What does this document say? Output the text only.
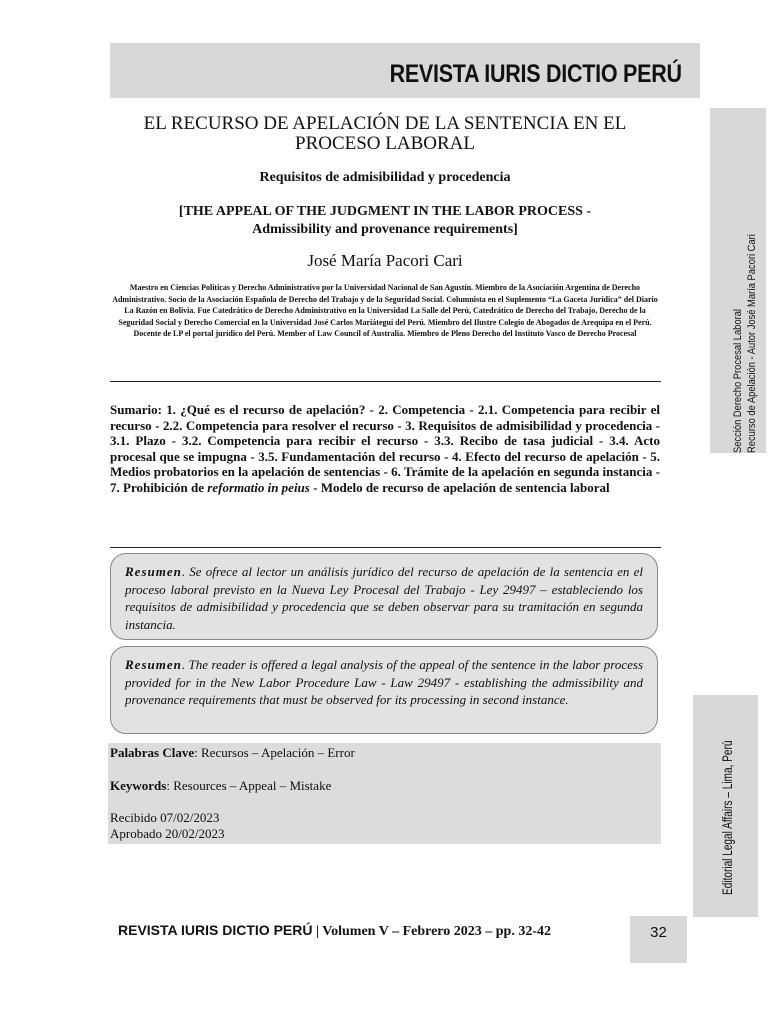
REVISTA IURIS DICTIO PERÚ
Sección Derecho Procesal Laboral Recurso de Apelación - Autor José María Pacori Cari
Editorial Legal Affairs – Lima, Perú
EL RECURSO DE APELACIÓN DE LA SENTENCIA EN EL
PROCESO LABORAL
Requisitos de admisibilidad y procedencia
[THE APPEAL OF THE JUDGMENT IN THE LABOR PROCESS -
Admissibility and provenance requirements]
José María Pacori Cari
Maestro en Ciencias Políticas y Derecho Administrativo por la Universidad Nacional de San Agustín. Miembro de la Asociación Argentina de Derecho Administrativo. Socio de la Asociación Española de Derecho del Trabajo y de la Seguridad Social. Columnista en el Suplemento “La Gaceta Jurídica” del Diario La Razón en Bolivia. Fue Catedrático de Derecho Administrativo en la Universidad La Salle del Perú, Catedrático de Derecho del Trabajo, Derecho de la Seguridad Social y Derecho Comercial en la Universidad José Carlos Mariátegui del Perú. Miembro del Ilustre Colegio de Abogados de Arequipa en el Perú. Docente de LP el portal jurídico del Perú. Member of Law Council of Australia. Miembro de Pleno Derecho del Instituto Vasco de Derecho Procesal
Sumario: 1. ¿Qué es el recurso de apelación? - 2. Competencia - 2.1. Competencia para recibir el recurso - 2.2. Competencia para resolver el recurso - 3. Requisitos de admisibilidad y procedencia - 3.1. Plazo - 3.2. Competencia para recibir el recurso - 3.3. Recibo de tasa judicial - 3.4. Acto procesal que se impugna - 3.5. Fundamentación del recurso - 4. Efecto del recurso de apelación - 5. Medios probatorios en la apelación de sentencias - 6. Trámite de la apelación en segunda instancia - 7. Prohibición de reformatio in peius - Modelo de recurso de apelación de sentencia laboral
Resumen. Se ofrece al lector un análisis jurídico del recurso de apelación de la sentencia en el proceso laboral previsto en la Nueva Ley Procesal del Trabajo - Ley 29497 – estableciendo los requisitos de admisibilidad y procedencia que se deben observar para su tramitación en segunda instancia.
Resumen. The reader is offered a legal analysis of the appeal of the sentence in the labor process provided for in the New Labor Procedure Law - Law 29497 - establishing the admissibility and provenance requirements that must be observed for its processing in second instance.
Palabras Clave: Recursos – Apelación – Error
Keywords: Resources – Appeal – Mistake
Recibido 07/02/2023
Aprobado 20/02/2023
REVISTA IURIS DICTIO PERÚ | Volumen V – Febrero 2023 – pp. 32-42	32
